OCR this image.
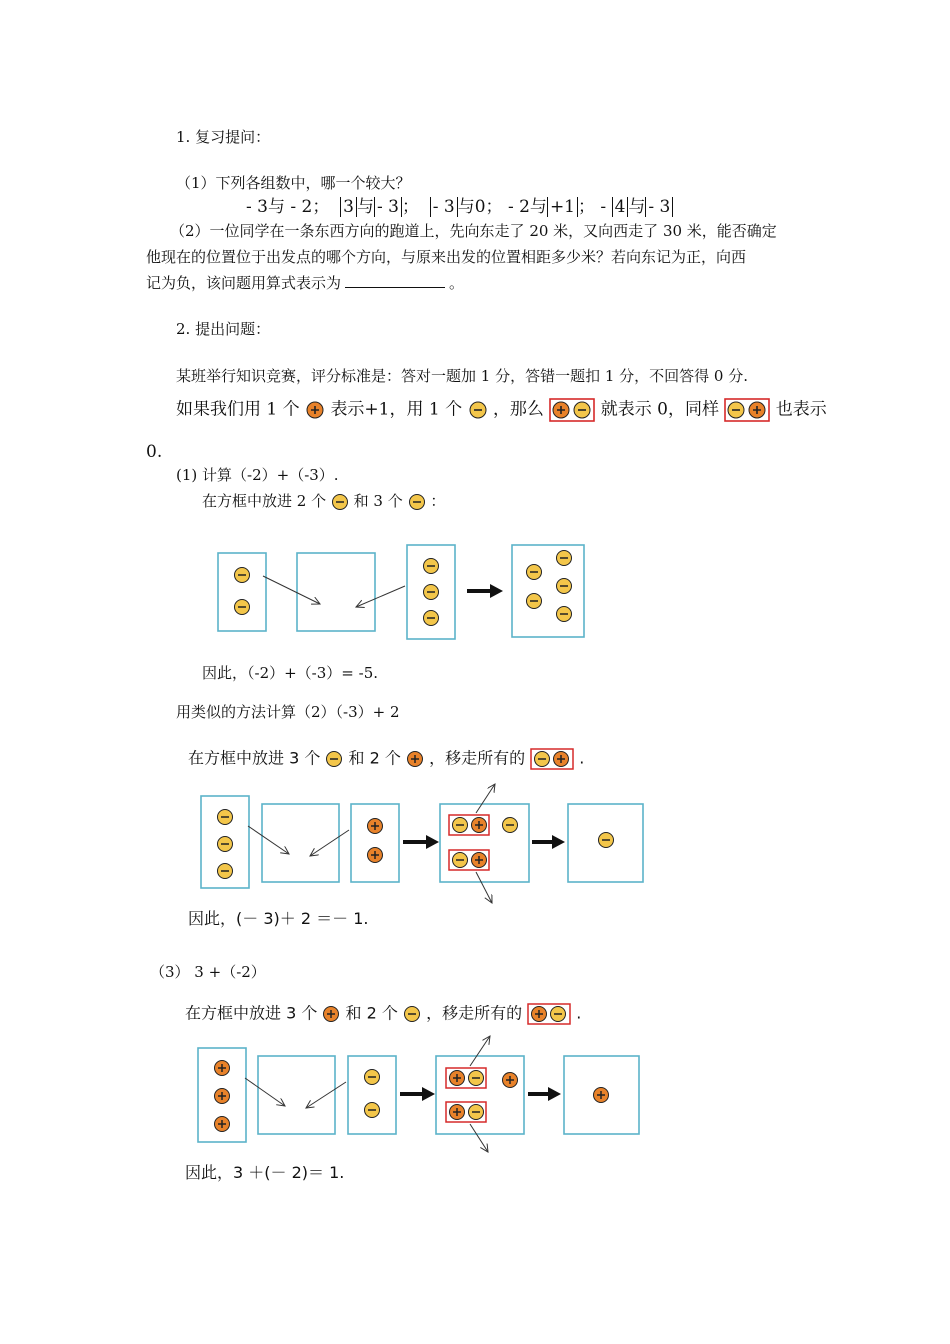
1. 复习提问：
（1）下列各组数中，哪一个较大？
- 3与 - 2； 3 与 - 3 ； - 3 与0； - 2与 +1 ； - 4 与 - 3
（2）一位同学在一条东西方向的跑道上，先向东走了 20 米，又向西走了 30 米，能否确定
他现在的位置位于出发点的哪个方向，与原来出发的位置相距多少米？若向东记为正，向西
记为负，该问题用算式表示为	。
2. 提出问题：
某班举行知识竞赛，评分标准是：答对一题加 1 分，答错一题扣 1 分，不回答得 0 分.
如果我们用 1 个 表示+1，用 1 个 ，那么	就表示 0，同样	也表示
0.
(1) 计算（-2）+（-3）.
在方框中放进 2 个 和 3 个 ：
因此，（-2）+（-3）= -5.
用类似的方法计算（2）（-3）+ 2
在方框中放进 3 个 和 2 个 ，移走所有的	.
因此，(－ 3)＋ 2 ＝－ 1.
（3） 3 +（-2）
在方框中放进 3 个 和 2 个 ，移走所有的	.
因此，3 ＋(－ 2)＝ 1.
